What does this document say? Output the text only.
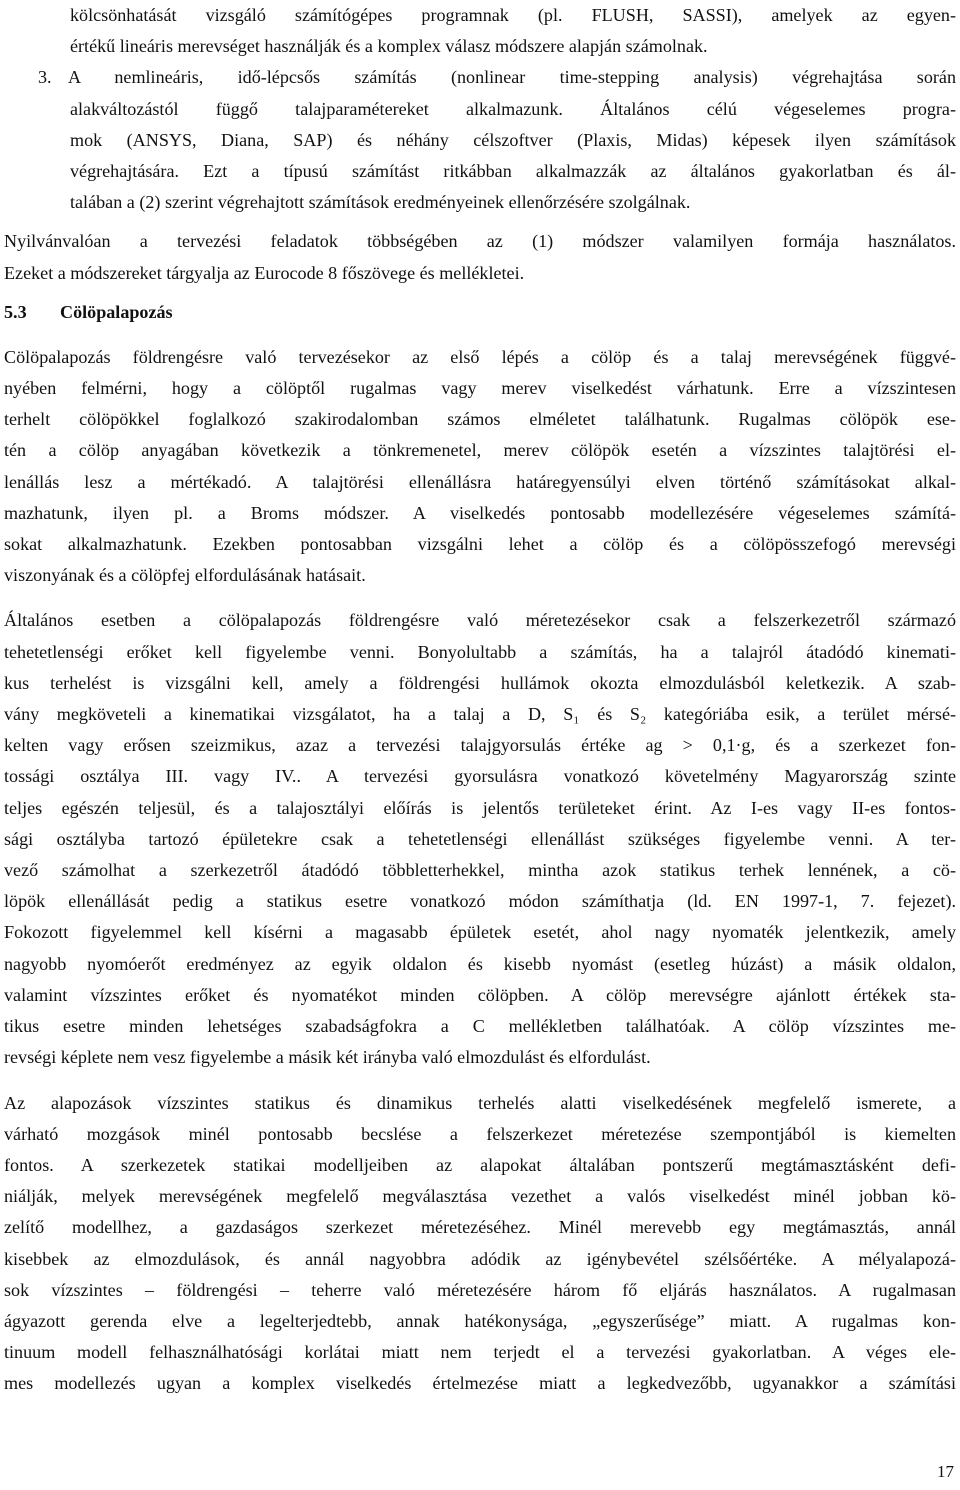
kölcsönhatását vizsgáló számítógépes programnak (pl. FLUSH, SASSI), amelyek az egyen-
értékű lineáris merevséget használják és a komplex válasz módszere alapján számolnak.
3. A nemlineáris, idő-lépcsős számítás (nonlinear time-stepping analysis) végrehajtása során
alakváltozástól függő talajparamétereket alkalmazunk. Általános célú végeselemes progra-
mok (ANSYS, Diana, SAP) és néhány célszoftver (Plaxis, Midas) képesek ilyen számítások
végrehajtására. Ezt a típusú számítást ritkábban alkalmazzák az általános gyakorlatban és ál-
talában a (2) szerint végrehajtott számítások eredményeinek ellenőrzésére szolgálnak.
Nyilvánvalóan a tervezési feladatok többségében az (1) módszer valamilyen formája használatos.
Ezeket a módszereket tárgyalja az Eurocode 8 főszövege és mellékletei.
5.3 Cölöpalapozás
Cölöpalapozás földrengésre való tervezésekor az első lépés a cölöp és a talaj merevségének függvé-
nyében felmérni, hogy a cölöptől rugalmas vagy merev viselkedést várhatunk. Erre a vízszintesen
terhelt cölöpökkel foglalkozó szakirodalomban számos elméletet találhatunk. Rugalmas cölöpök ese-
tén a cölöp anyagában következik a tönkremenetel, merev cölöpök esetén a vízszintes talajtörési el-
lenállás lesz a mértékadó. A talajtörési ellenállásra határegyensúlyi elven történő számításokat alkal-
mazhatunk, ilyen pl. a Broms módszer. A viselkedés pontosabb modellezésére végeselemes számítá-
sokat alkalmazhatunk. Ezekben pontosabban vizsgálni lehet a cölöp és a cölöpösszefogó merevségi
viszonyának és a cölöpfej elfordulásának hatásait.
Általános esetben a cölöpalapozás földrengésre való méretezésekor csak a felszerkezetről származó
tehetetlenségi erőket kell figyelembe venni. Bonyolultabb a számítás, ha a talajról átadódó kinemati-
kus terhelést is vizsgálni kell, amely a földrengési hullámok okozta elmozdulásból keletkezik. A szab-
vány megköveteli a kinematikai vizsgálatot, ha a talaj a D, S₁ és S₂ kategóriába esik, a terület mérsé-
kelten vagy erősen szeizmikus, azaz a tervezési talajgyorsulás értéke ag > 0,1·g, és a szerkezet fon-
tossági osztálya III. vagy IV.. A tervezési gyorsulásra vonatkozó követelmény Magyarország szinte
teljes egészén teljesül, és a talajosztályi előírás is jelentős területeket érint. Az I-es vagy II-es fontos-
sági osztályba tartozó épületekre csak a tehetetlenségi ellenállást szükséges figyelembe venni. A ter-
vező számolhat a szerkezetről átadódó többletterhekkel, mintha azok statikus terhek lennének, a cö-
löpök ellenállását pedig a statikus esetre vonatkozó módon számíthatja (ld. EN 1997-1, 7. fejezet).
Fokozott figyelemmel kell kísérni a magasabb épületek esetét, ahol nagy nyomaték jelentkezik, amely
nagyobb nyomóerőt eredményez az egyik oldalon és kisebb nyomást (esetleg húzást) a másik oldalon,
valamint vízszintes erőket és nyomatékot minden cölöpben. A cölöp merevségre ajánlott értékek sta-
tikus esetre minden lehetséges szabadságfokra a C mellékletben találhatóak. A cölöp vízszintes me-
revségi képlete nem vesz figyelembe a másik két irányba való elmozdulást és elfordulást.
Az alapozások vízszintes statikus és dinamikus terhelés alatti viselkedésének megfelelő ismerete, a
várható mozgások minél pontosabb becslése a felszerkezet méretezése szempontjából is kiemelten
fontos. A szerkezetek statikai modelljeiben az alapokat általában pontszerű megtámasztásként defi-
niálják, melyek merevségének megfelelő megválasztása vezethet a valós viselkedést minél jobban kö-
zelítő modellhez, a gazdaságos szerkezet méretezéséhez. Minél merevebb egy megtámasztás, annál
kisebbek az elmozdulások, és annál nagyobbra adódik az igénybevétel szélsőértéke. A mélyalapozá-
sok vízszintes – földrengési – teherre való méretezésére három fő eljárás használatos. A rugalmasan
ágyazott gerenda elve a legelterjedtebb, annak hatékonysága, „egyszerűsége” miatt. A rugalmas kon-
tinuum modell felhasználhatósági korlátai miatt nem terjedt el a tervezési gyakorlatban. A véges ele-
mes modellezés ugyan a komplex viselkedés értelmezése miatt a legkedvezőbb, ugyanakkor a számítási
17
